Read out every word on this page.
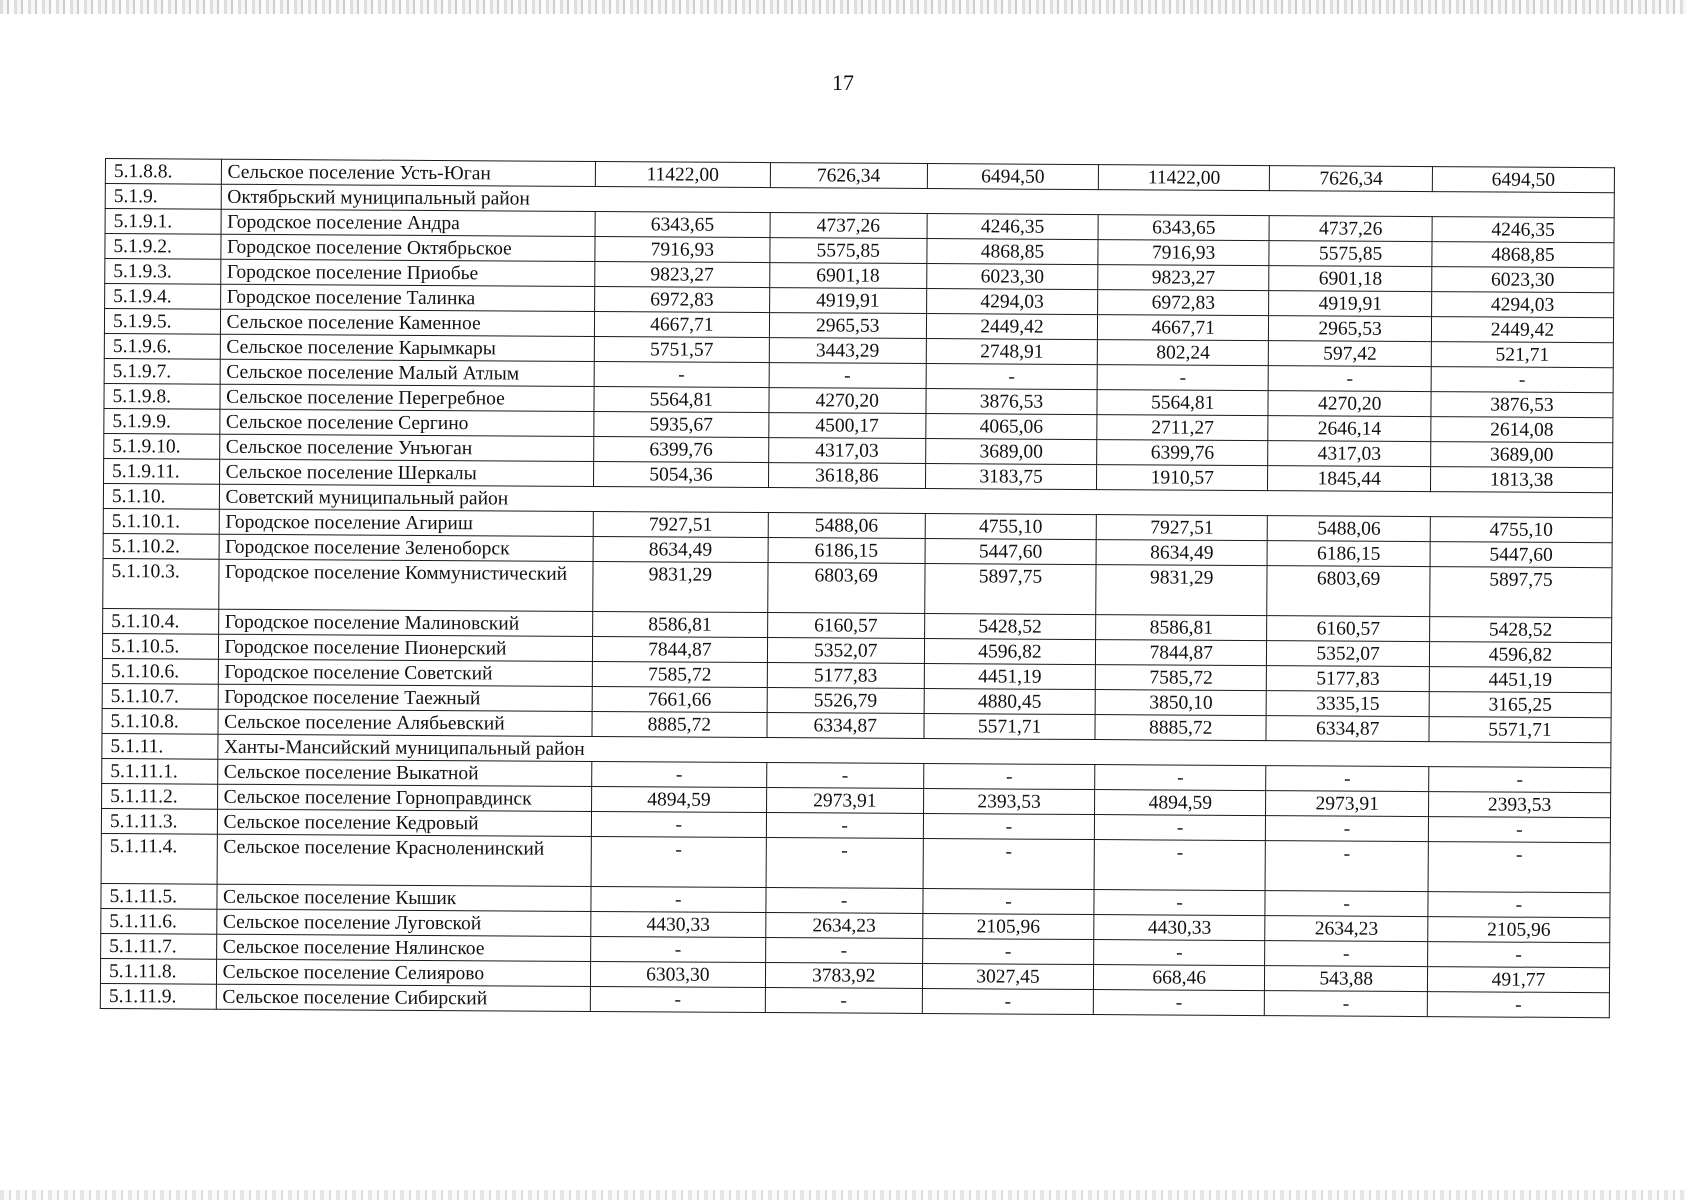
17
5.1.8.8.	Сельское поселение Усть-Юган	11422,00	7626,34	6494,50	11422,00	7626,34	6494,50
5.1.9.	Октябрьский муниципальный район						
5.1.9.1.	Городское поселение Андра	6343,65	4737,26	4246,35	6343,65	4737,26	4246,35
5.1.9.2.	Городское поселение Октябрьское	7916,93	5575,85	4868,85	7916,93	5575,85	4868,85
5.1.9.3.	Городское поселение Приобье	9823,27	6901,18	6023,30	9823,27	6901,18	6023,30
5.1.9.4.	Городское поселение Талинка	6972,83	4919,91	4294,03	6972,83	4919,91	4294,03
5.1.9.5.	Сельское поселение Каменное	4667,71	2965,53	2449,42	4667,71	2965,53	2449,42
5.1.9.6.	Сельское поселение Карымкары	5751,57	3443,29	2748,91	802,24	597,42	521,71
5.1.9.7.	Сельское поселение Малый Атлым	-	-	-	-	-	-
5.1.9.8.	Сельское поселение Перегребное	5564,81	4270,20	3876,53	5564,81	4270,20	3876,53
5.1.9.9.	Сельское поселение Сергино	5935,67	4500,17	4065,06	2711,27	2646,14	2614,08
5.1.9.10.	Сельское поселение Унъюган	6399,76	4317,03	3689,00	6399,76	4317,03	3689,00
5.1.9.11.	Сельское поселение Шеркалы	5054,36	3618,86	3183,75	1910,57	1845,44	1813,38
5.1.10.	Советский муниципальный район						
5.1.10.1.	Городское поселение Агириш	7927,51	5488,06	4755,10	7927,51	5488,06	4755,10
5.1.10.2.	Городское поселение Зеленоборск	8634,49	6186,15	5447,60	8634,49	6186,15	5447,60
5.1.10.3.	Городское поселение Коммунистический	9831,29	6803,69	5897,75	9831,29	6803,69	5897,75
5.1.10.4.	Городское поселение Малиновский	8586,81	6160,57	5428,52	8586,81	6160,57	5428,52
5.1.10.5.	Городское поселение Пионерский	7844,87	5352,07	4596,82	7844,87	5352,07	4596,82
5.1.10.6.	Городское поселение Советский	7585,72	5177,83	4451,19	7585,72	5177,83	4451,19
5.1.10.7.	Городское поселение Таежный	7661,66	5526,79	4880,45	3850,10	3335,15	3165,25
5.1.10.8.	Сельское поселение Алябьевский	8885,72	6334,87	5571,71	8885,72	6334,87	5571,71
5.1.11.	Ханты-Мансийский муниципальный район						
5.1.11.1.	Сельское поселение Выкатной	-	-	-	-	-	-
5.1.11.2.	Сельское поселение Горноправдинск	4894,59	2973,91	2393,53	4894,59	2973,91	2393,53
5.1.11.3.	Сельское поселение Кедровый	-	-	-	-	-	-
5.1.11.4.	Сельское поселение Красноленинский	-	-	-	-	-	-
5.1.11.5.	Сельское поселение Кышик	-	-	-	-	-	-
5.1.11.6.	Сельское поселение Луговской	4430,33	2634,23	2105,96	4430,33	2634,23	2105,96
5.1.11.7.	Сельское поселение Нялинское	-	-	-	-	-	-
5.1.11.8.	Сельское поселение Селиярово	6303,30	3783,92	3027,45	668,46	543,88	491,77
5.1.11.9.	Сельское поселение Сибирский	-	-	-	-	-	-
